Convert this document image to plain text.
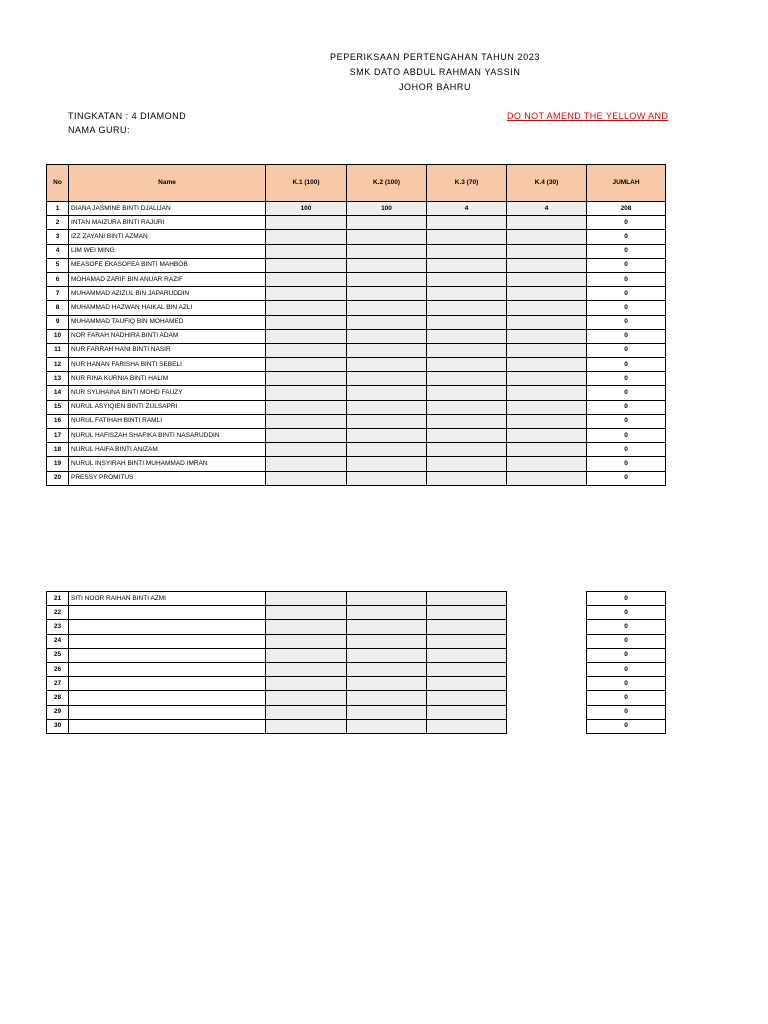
PEPERIKSAAN PERTENGAHAN TAHUN 2023
SMK DATO ABDUL RAHMAN YASSIN
JOHOR BAHRU
TINGKATAN : 4 DIAMOND
NAMA GURU:
DO NOT AMEND THE YELLOW AND
No	Name	K.1 (100)	K.2 (100)	K.3 (70)	K.4 (30)	JUMLAH
1	DIANA JASMINE BINTI DJALIJAN	100	100	4	4	208
2	INTAN MAIZURA BINTI RAJURI					0
3	IZZ ZAYANI BINTI AZMAN					0
4	LIM WEI MING					0
5	MEASOFE EKASOFEA BINTI MAHBOB					0
6	MOHAMAD ZARIF BIN ANUAR RAZIF					0
7	MUHAMMAD AZIZUL BIN JAPARUDDIN					0
8	MUHAMMAD HAZWAN HAIKAL BIN AZLI					0
9	MUHAMMAD TAUFIQ BIN MOHAMED					0
10	NOR FARAH NADHIRA BINTI ADAM					0
11	NUR FARRAH HANI BINTI NASIR					0
12	NUR HANAN FARISHA BINTI SEBELI					0
13	NUR RINA KURNIA BINTI HALIM					0
14	NUR SYUHAINA BINTI MOHD FAUZY					0
15	NURUL ASYIQIEN BINTI ZULSAPRI					0
16	NURUL FATIHAH BINTI RAMLI					0
17	NURUL HAFISZAH SHAFIKA BINTI NASARUDDIN					0
18	NURUL HAIFA BINTI ANIZAM					0
19	NURUL INSYIRAH BINTI MUHAMMAD IMRAN					0
20	PRESSY PROMITUS					0
21	SITI NOOR RAIHAN BINTI AZMI					0
22						0
23						0
24						0
25						0
26						0
27						0
28						0
29						0
30						0
